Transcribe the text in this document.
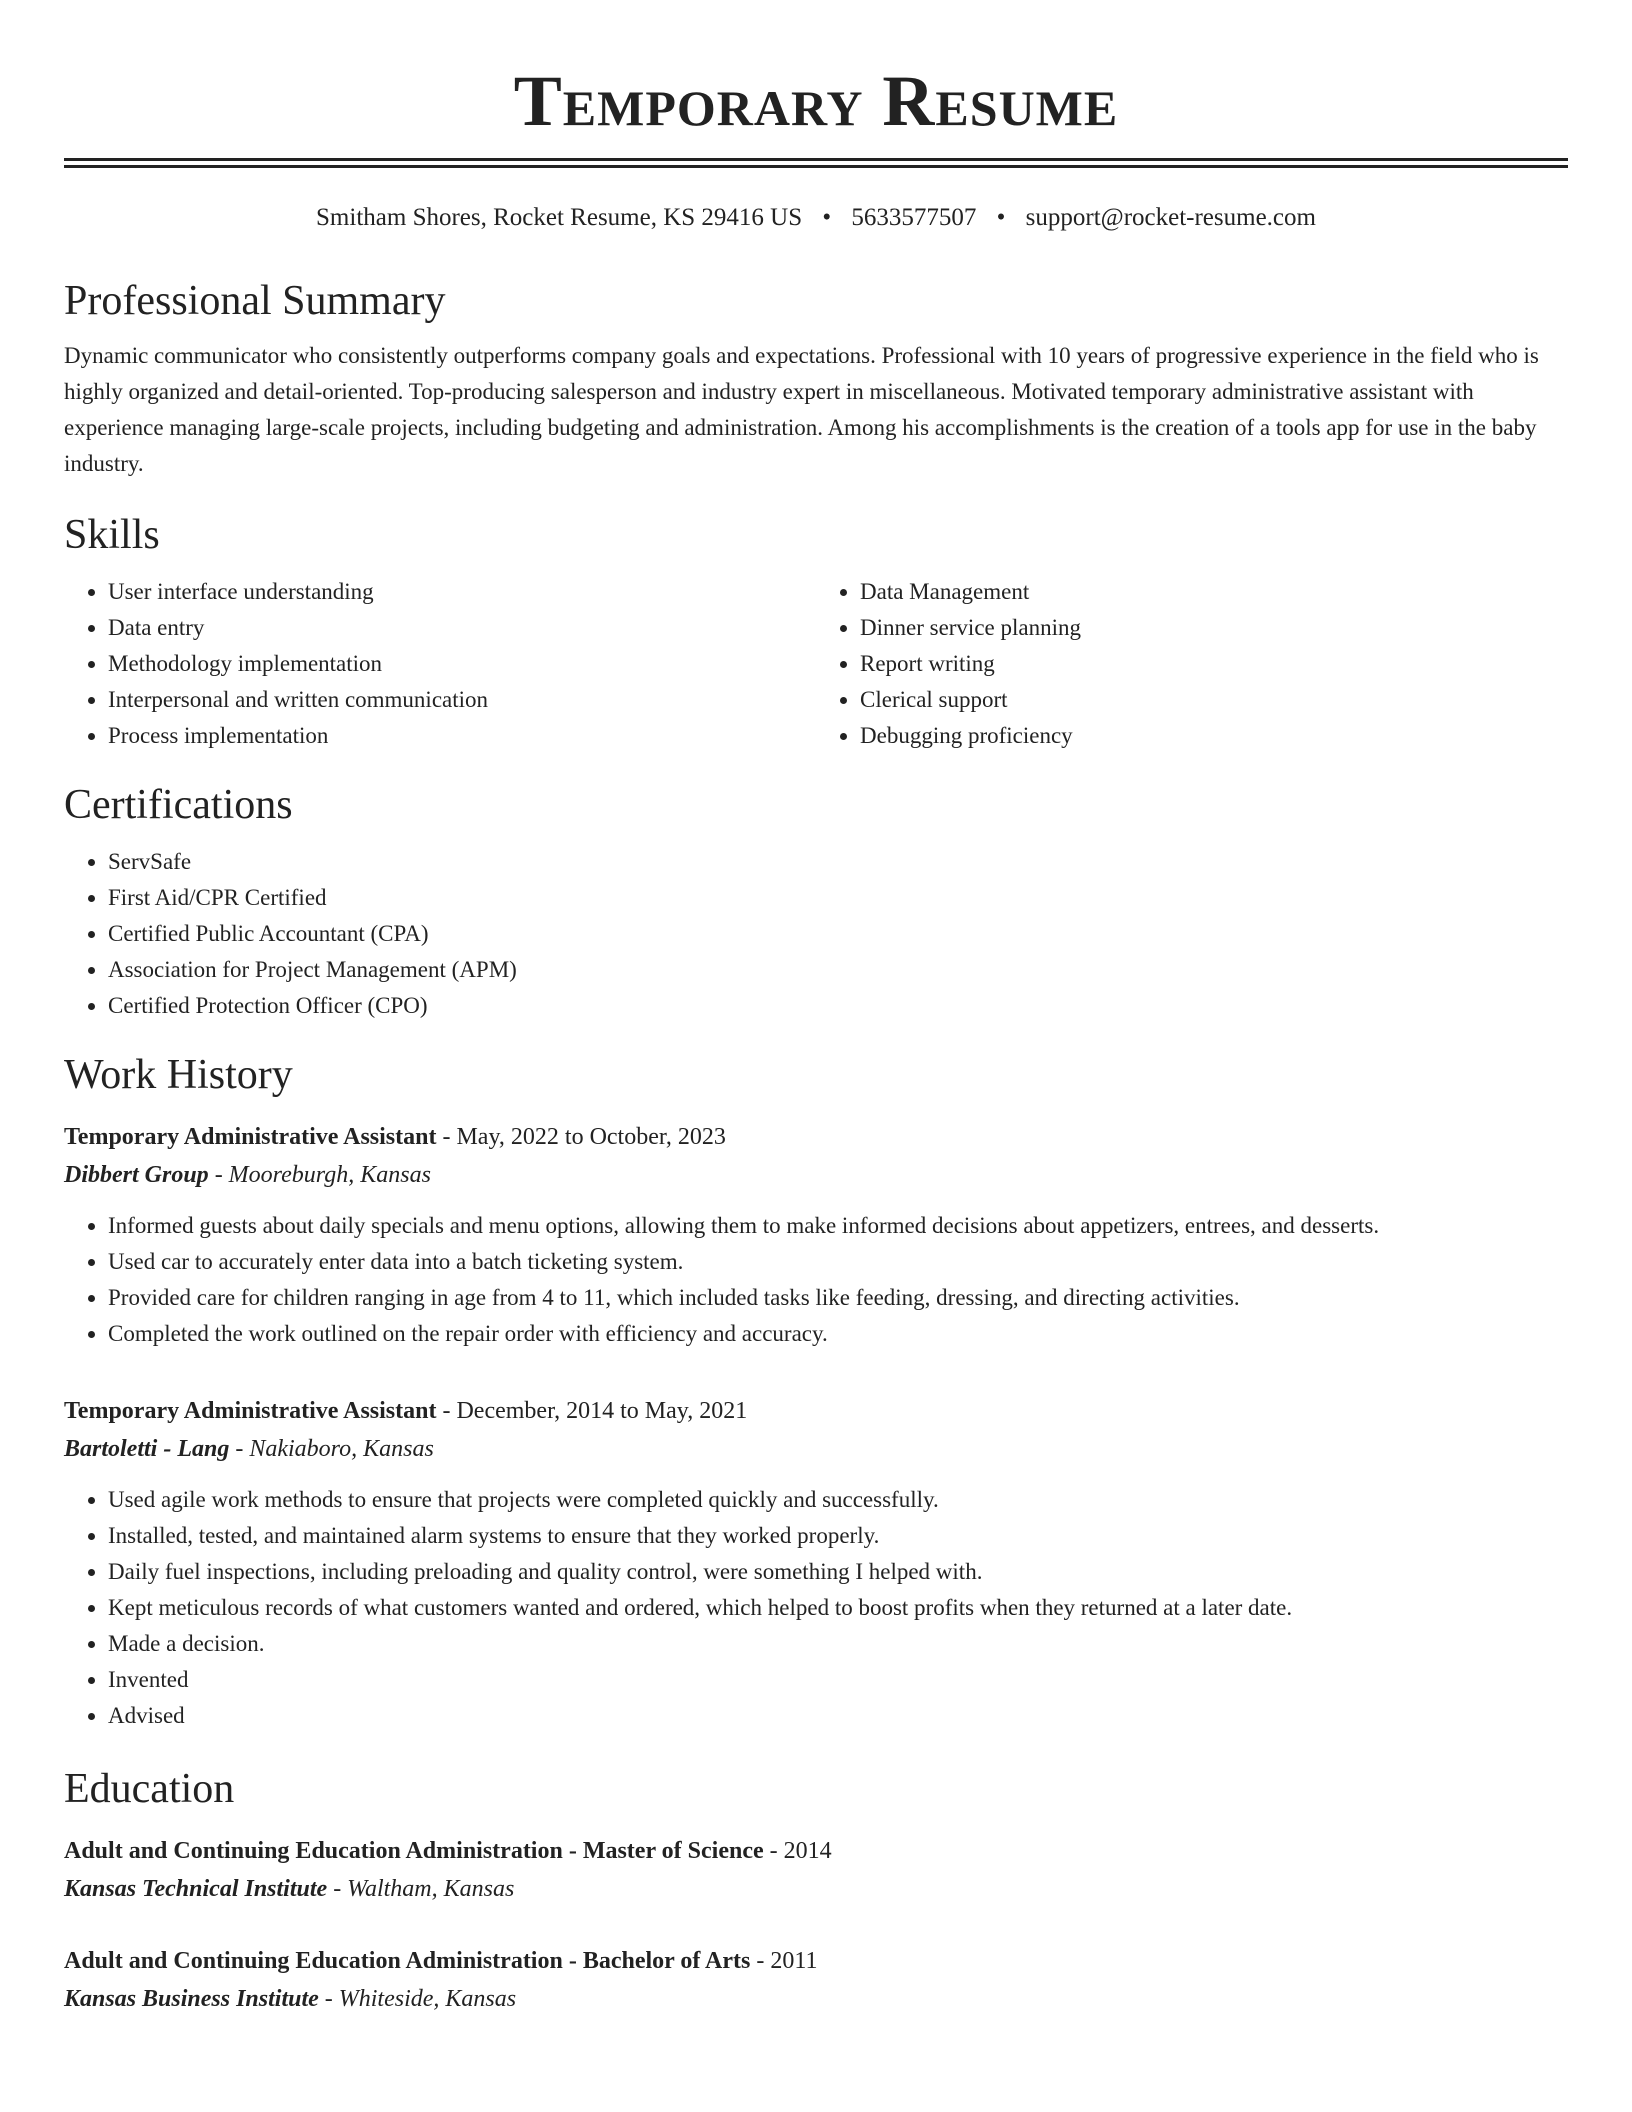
Temporary Resume
Smitham Shores, Rocket Resume, KS 29416 US • 5633577507 • support@rocket-resume.com
Professional Summary

Dynamic communicator who consistently outperforms company goals and expectations. Professional with 10 years of progressive experience in the field who is highly organized and detail-oriented. Top-producing salesperson and industry expert in miscellaneous. Motivated temporary administrative assistant with experience managing large-scale projects, including budgeting and administration. Among his accomplishments is the creation of a tools app for use in the baby industry.

Skills
• User interface understanding
• Data entry
• Methodology implementation
• Interpersonal and written communication
• Process implementation
• Data Management
• Dinner service planning
• Report writing
• Clerical support
• Debugging proficiency
Certifications
• ServSafe
• First Aid/CPR Certified
• Certified Public Accountant (CPA)
• Association for Project Management (APM)
• Certified Protection Officer (CPO)
Work History
Temporary Administrative Assistant - May, 2022 to October, 2023
Dibbert Group - Mooreburgh, Kansas
• Informed guests about daily specials and menu options, allowing them to make informed decisions about appetizers, entrees, and desserts.
• Used car to accurately enter data into a batch ticketing system.
• Provided care for children ranging in age from 4 to 11, which included tasks like feeding, dressing, and directing activities.
• Completed the work outlined on the repair order with efficiency and accuracy.
Temporary Administrative Assistant - December, 2014 to May, 2021
Bartoletti - Lang - Nakiaboro, Kansas
• Used agile work methods to ensure that projects were completed quickly and successfully.
• Installed, tested, and maintained alarm systems to ensure that they worked properly.
• Daily fuel inspections, including preloading and quality control, were something I helped with.
• Kept meticulous records of what customers wanted and ordered, which helped to boost profits when they returned at a later date.
• Made a decision.
• Invented
• Advised
Education
Adult and Continuing Education Administration - Master of Science - 2014
Kansas Technical Institute - Waltham, Kansas
Adult and Continuing Education Administration - Bachelor of Arts - 2011
Kansas Business Institute - Whiteside, Kansas
